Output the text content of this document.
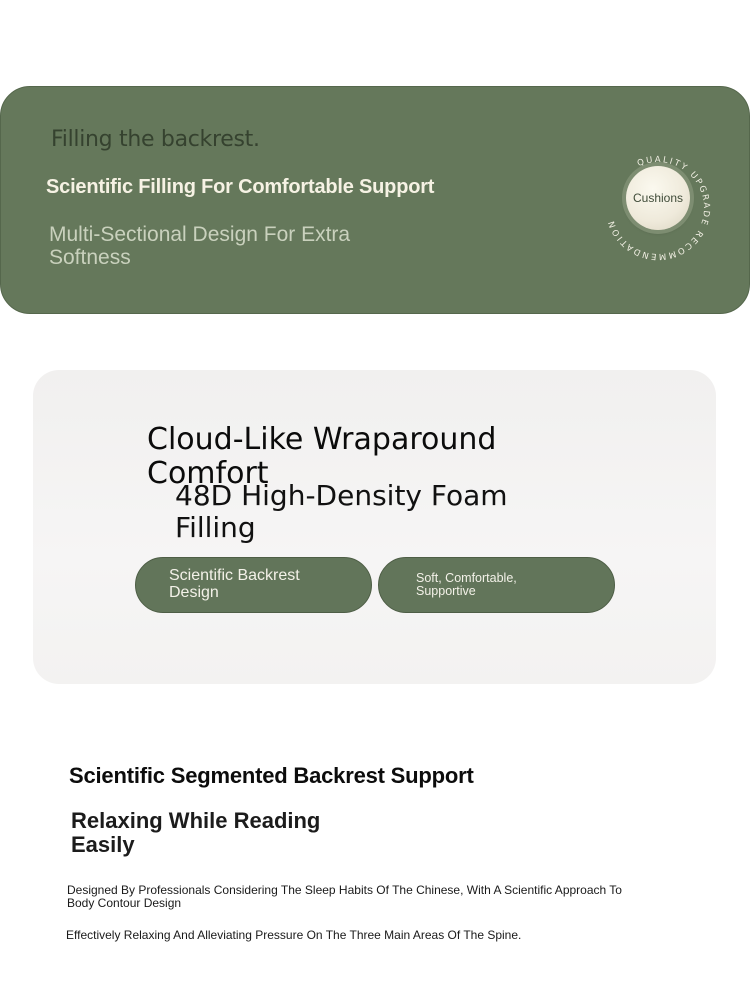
Filling the backrest.
Scientific Filling For Comfortable Support
Multi-Sectional Design For Extra Softness
QUALITY UPGRADE RECOMMENDATION
Cushions
Cloud-Like Wraparound Comfort
48D High-Density Foam Filling
Scientific Backrest Design
Soft, Comfortable, Supportive
Scientific Segmented Backrest Support
Relaxing While Reading Easily
Designed By Professionals Considering The Sleep Habits Of The Chinese, With A Scientific Approach To Body Contour Design
Effectively Relaxing And Alleviating Pressure On The Three Main Areas Of The Spine.
